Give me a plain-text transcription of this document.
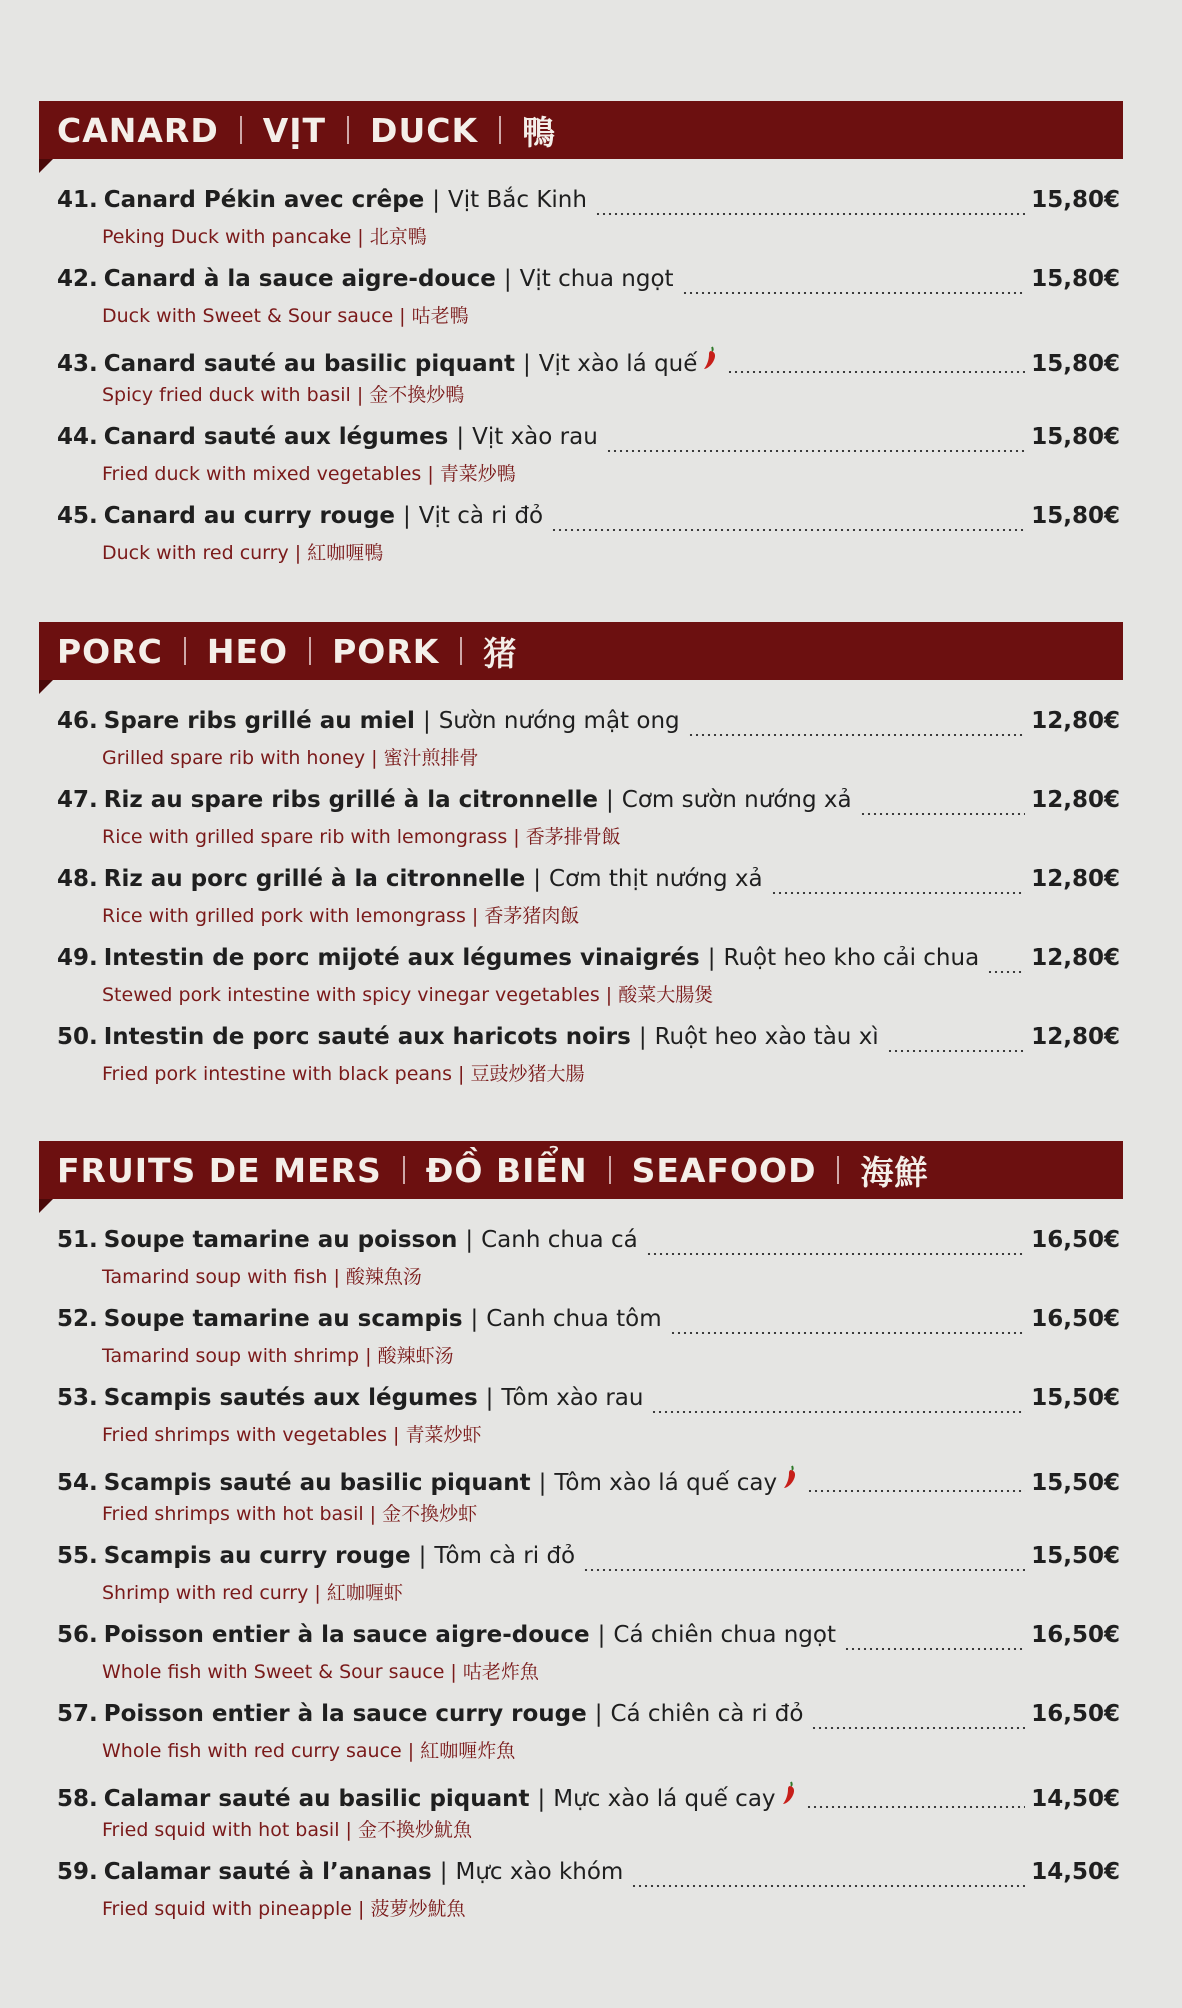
CANARD VỊT DUCK 鴨
41. Canard Pékin avec crêpe | Vịt Bắc Kinh	15,80€
Peking Duck with pancake | 北京鴨
42. Canard à la sauce aigre-douce | Vịt chua ngọt	15,80€
Duck with Sweet & Sour sauce | 咕老鴨
43. Canard sauté au basilic piquant | Vịt xào lá quế	15,80€
Spicy fried duck with basil | 金不換炒鴨
44. Canard sauté aux légumes | Vịt xào rau	15,80€
Fried duck with mixed vegetables | 青菜炒鴨
45. Canard au curry rouge | Vịt cà ri đỏ	15,80€
Duck with red curry | 紅咖喱鴨
PORC HEO PORK 猪
46. Spare ribs grillé au miel | Sườn nướng mật ong	12,80€
Grilled spare rib with honey | 蜜汁煎排骨
47. Riz au spare ribs grillé à la citronnelle | Cơm sườn nướng xả	12,80€
Rice with grilled spare rib with lemongrass | 香茅排骨飯
48. Riz au porc grillé à la citronnelle | Cơm thịt nướng xả	12,80€
Rice with grilled pork with lemongrass | 香茅猪肉飯
49. Intestin de porc mijoté aux légumes vinaigrés | Ruột heo kho cải chua 12,80€
Stewed pork intestine with spicy vinegar vegetables | 酸菜大腸煲
50. Intestin de porc sauté aux haricots noirs | Ruột heo xào tàu xì	12,80€
Fried pork intestine with black peans | 豆豉炒猪大腸
FRUITS DE MERS ĐỒ BIỂN SEAFOOD 海鮮
51. Soupe tamarine au poisson | Canh chua cá	16,50€
Tamarind soup with fish | 酸辣魚汤
52. Soupe tamarine au scampis | Canh chua tôm	16,50€
Tamarind soup with shrimp | 酸辣虾汤
53. Scampis sautés aux légumes | Tôm xào rau	15,50€
Fried shrimps with vegetables | 青菜炒虾
54. Scampis sauté au basilic piquant | Tôm xào lá quế cay	15,50€
Fried shrimps with hot basil | 金不換炒虾
55. Scampis au curry rouge | Tôm cà ri đỏ	15,50€
Shrimp with red curry | 紅咖喱虾
56. Poisson entier à la sauce aigre-douce | Cá chiên chua ngọt	16,50€
Whole fish with Sweet & Sour sauce | 咕老炸魚
57. Poisson entier à la sauce curry rouge | Cá chiên cà ri đỏ	16,50€
Whole fish with red curry sauce | 紅咖喱炸魚
58. Calamar sauté au basilic piquant | Mực xào lá quế cay	14,50€
Fried squid with hot basil | 金不換炒魷魚
59. Calamar sauté à l’ananas | Mực xào khóm	14,50€
Fried squid with pineapple | 菠萝炒魷魚
